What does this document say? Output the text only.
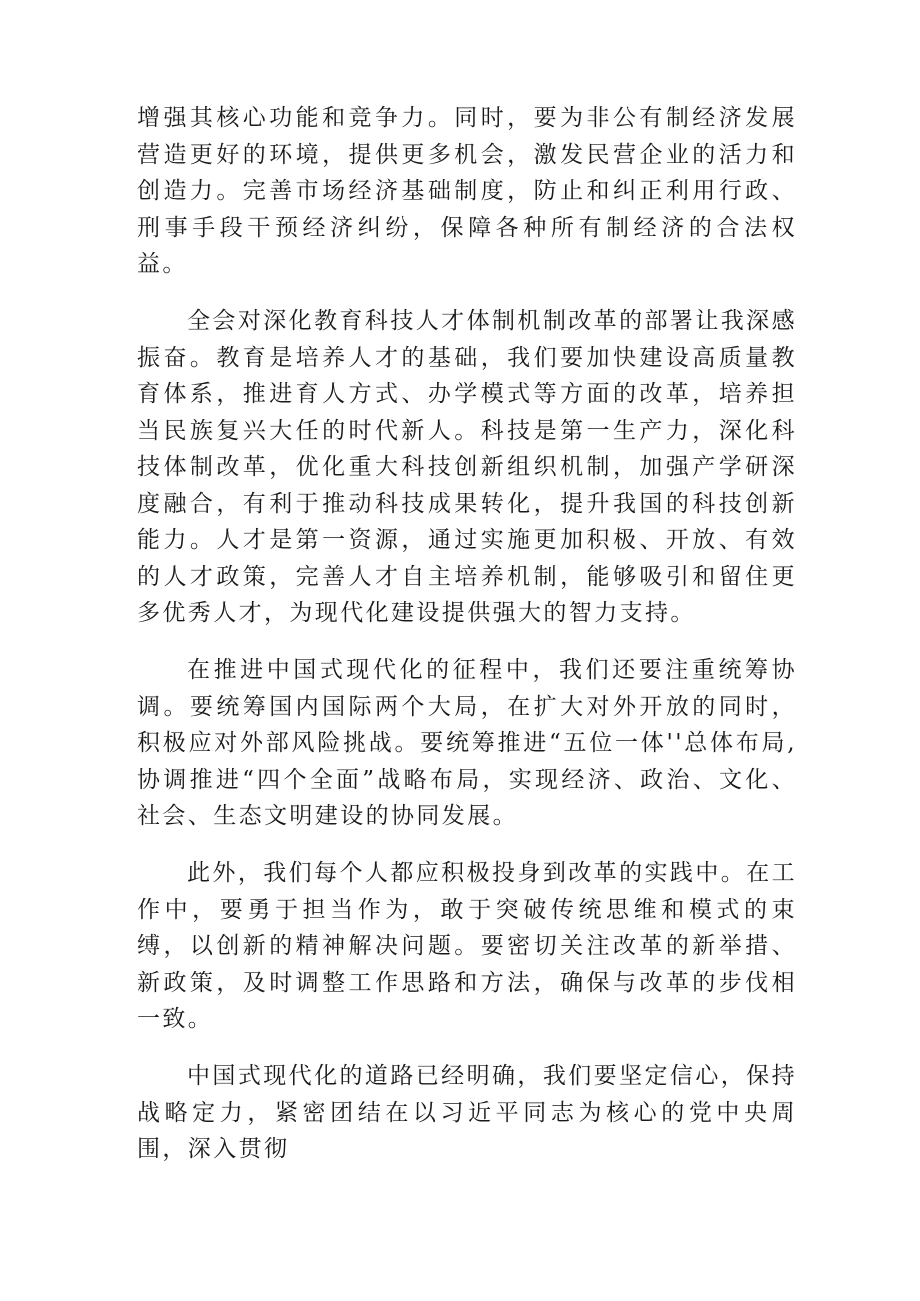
增强其核心功能和竞争力。同时，要为非公有制经济发展营造更好的环境，提供更多机会，激发民营企业的活力和创造力。完善市场经济基础制度，防止和纠正利用行政、刑事手段干预经济纠纷，保障各种所有制经济的合法权益。

全会对深化教育科技人才体制机制改革的部署让我深感振奋。教育是培养人才的基础，我们要加快建设高质量教育体系，推进育人方式、办学模式等方面的改革，培养担当民族复兴大任的时代新人。科技是第一生产力，深化科技体制改革，优化重大科技创新组织机制，加强产学研深度融合，有利于推动科技成果转化，提升我国的科技创新能力。人才是第一资源，通过实施更加积极、开放、有效的人才政策，完善人才自主培养机制，能够吸引和留住更多优秀人才，为现代化建设提供强大的智力支持。

在推进中国式现代化的征程中，我们还要注重统筹协调。要统筹国内国际两个大局，在扩大对外开放的同时，积极应对外部风险挑战。要统筹推进“五位一体''总体布局,协调推进“四个全面”战略布局，实现经济、政治、文化、社会、生态文明建设的协同发展。

此外，我们每个人都应积极投身到改革的实践中。在工作中，要勇于担当作为，敢于突破传统思维和模式的束缚，以创新的精神解决问题。要密切关注改革的新举措、新政策，及时调整工作思路和方法，确保与改革的步伐相一致。

中国式现代化的道路已经明确，我们要坚定信心，保持战略定力，紧密团结在以习近平同志为核心的党中央周围，深入贯彻
